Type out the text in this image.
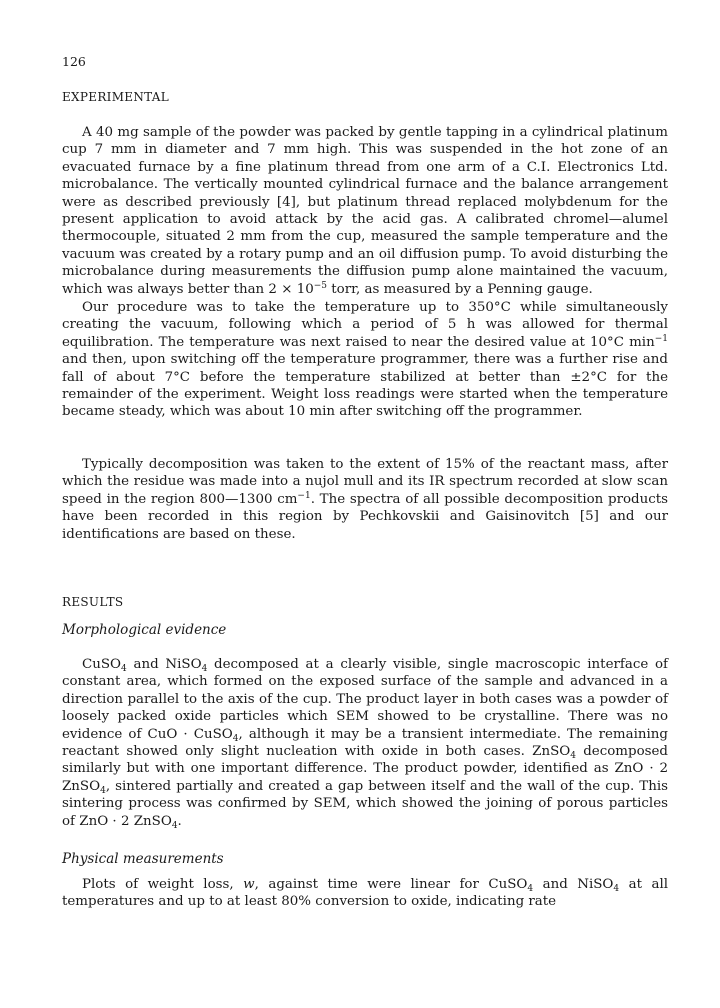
126
EXPERIMENTAL

A 40 mg sample of the powder was packed by gentle tapping in a cylindrical platinum cup 7 mm in diameter and 7 mm high. This was suspended in the hot zone of an evacuated furnace by a fine platinum thread from one arm of a C.I. Electronics Ltd. microbalance. The vertically mounted cylindrical furnace and the balance arrangement were as described previously [4], but platinum thread replaced molybdenum for the present application to avoid attack by the acid gas. A calibrated chromel—alumel thermocouple, situated 2 mm from the cup, measured the sample temperature and the vacuum was created by a rotary pump and an oil diffusion pump. To avoid disturbing the microbalance during measurements the diffusion pump alone maintained the vacuum, which was always better than $2 \times 10^{-5}$ torr, as measured by a Penning gauge.

Our procedure was to take the temperature up to 350°C while simultaneously creating the vacuum, following which a period of 5 h was allowed for thermal equilibration. The temperature was next raised to near the desired value at 10°C $\min^{-1}$ and then, upon switching off the temperature programmer, there was a further rise and fall of about 7°C before the temperature stabilized at better than ±2°C for the remainder of the experiment. Weight loss readings were started when the temperature became steady, which was about 10 min after switching off the programmer.

Typically decomposition was taken to the extent of 15% of the reactant mass, after which the residue was made into a nujol mull and its IR spectrum recorded at slow scan speed in the region 800—1300 $cm^{-1}$. The spectra of all possible decomposition products have been recorded in this region by Pechkovskii and Gaisinovitch [5] and our identifications are based on these.

RESULTS
Morphological evidence

CuSO$_4$ and NiSO$_4$ decomposed at a clearly visible, single macroscopic interface of constant area, which formed on the exposed surface of the sample and advanced in a direction parallel to the axis of the cup. The product layer in both cases was a powder of loosely packed oxide particles which SEM showed to be crystalline. There was no evidence of CuO · CuSO$_4$, although it may be a transient intermediate. The remaining reactant showed only slight nucleation with oxide in both cases. ZnSO$_4$ decomposed similarly but with one important difference. The product powder, identified as ZnO · 2 ZnSO$_4$, sintered partially and created a gap between itself and the wall of the cup. This sintering process was confirmed by SEM, which showed the joining of porous particles of ZnO · 2 ZnSO$_4$.

Physical measurements

Plots of weight loss, w, against time were linear for CuSO$_4$ and NiSO$_4$ at all temperatures and up to at least 80% conversion to oxide, indicating rate
